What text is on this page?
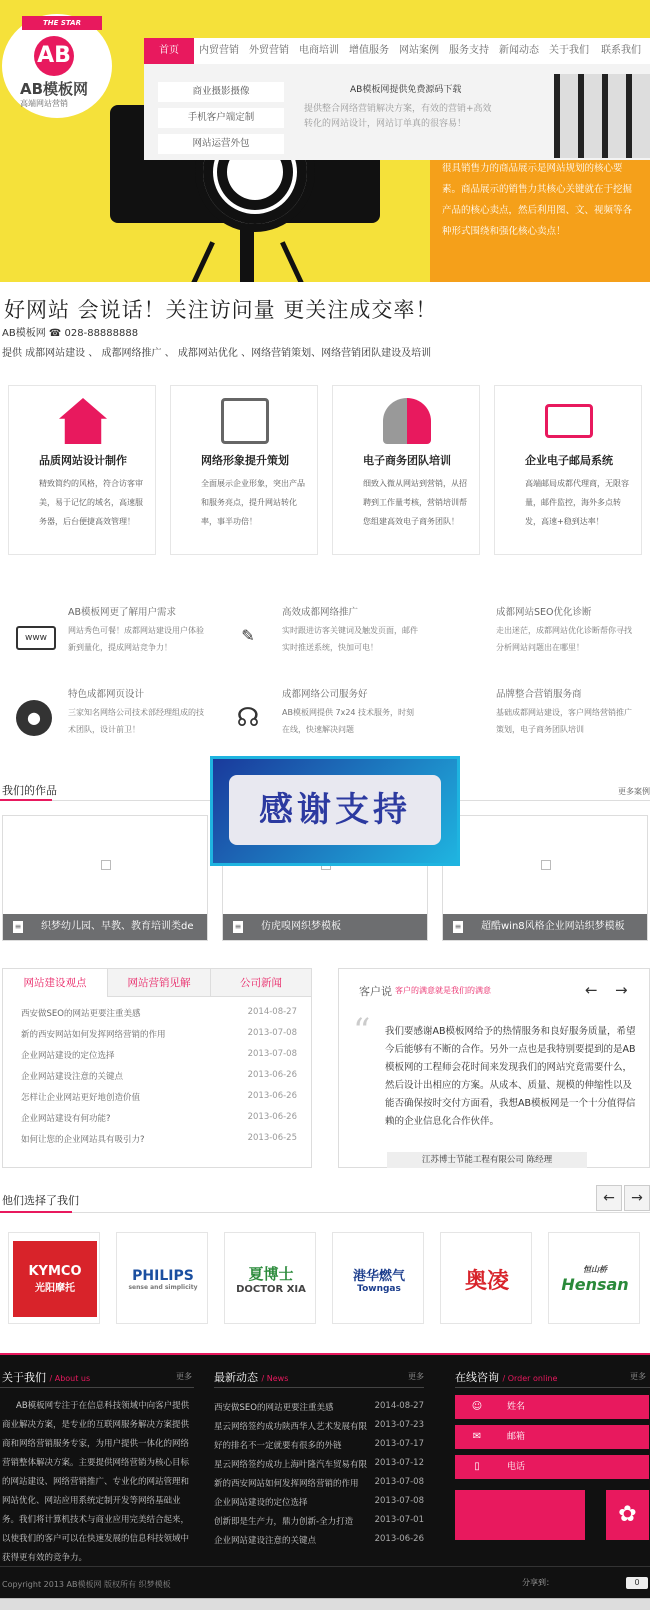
很具销售力的商品展示是网站规划的核心要素。商品展示的销售力其核心关键就在于挖掘产品的核心卖点，然后利用图、文、视频等各种形式围绕和强化核心卖点！
THE STAR
AB
AB模板网
高端网站营销
首页	内贸营销	外贸营销	电商培训	增值服务	网站案例	服务支持	新闻动态	关于我们	联系我们
商业摄影摄像
手机客户端定制
网站运营外包
AB模板网提供免费源码下载
提供整合网络营销解决方案，有效的营销+高效转化的网站设计，网站订单真的很容易！
好网站 会说话！关注访问量 更关注成交率！
AB模板网 ☎ 028-88888888
提供 成都网站建设 、 成都网络推广 、 成都网站优化 、网络营销策划、网络营销团队建设及培训
品质网站设计制作

精致简约的风格，符合访客审美，易于记忆的域名，高速服务器，后台便捷高效管理！

网络形象提升策划

全面展示企业形象，突出产品和服务亮点，提升网站转化率，事半功倍！

电子商务团队培训

细致入微从网站到营销，从招聘到工作量考核，营销培训帮您组建高效电子商务团队！

企业电子邮局系统

高端邮局成都代理商，无限容量，邮件监控，海外多点转发，高速+稳到达率！

www
AB模板网更了解用户需求

网站秀色可餐！成都网站建设用户体验新到量化，提成网站竞争力！

✎
高效成都网络推广

实时跟进访客关键词及触发页面，邮件实时推送系统，快加可电！

成都网站SEO优化诊断

走出迷茫，成都网站优化诊断帮你寻找分析网站问题出在哪里！

●
特色成都网页设计

三家知名网络公司技术部经理组成的技术团队，设计前卫！	☊
成都网络公司服务好

AB模板网提供 7x24 技术服务，时刻在线，快速解决问题

品牌整合营销服务商

基础成都网站建设，客户网络营销推广策划，电子商务团队培训

我们的作品	更多案例
织梦幼儿园、早教、教育培训类de
≡	仿虎嗅网织梦模板
≡	超酷win8风格企业网站织梦模板
≡
感谢支持
网站建设观点	网站营销见解	公司新闻
西安做SEO的网站更要注重美感	2014-08-27
新的西安网站如何发挥网络营销的作用	2013-07-08
企业网站建设的定位选择	2013-07-08
企业网站建设注意的关键点	2013-06-26
怎样让企业网站更好地创造价值	2013-06-26
企业网站建设有何功能?	2013-06-26
如何让您的企业网站具有吸引力?	2013-06-25
客户说 客户的满意就是我们的满意	← →
“ 我们要感谢AB模板网给予的热情服务和良好服务质量，希望今后能够有不断的合作。另外一点也是我特别要提到的是AB模板网的工程师会花时间来发现我们的网站究竟需要什么，然后设计出相应的方案。从成本、质量、规模的伸缩性以及能否确保按时交付方面看，我想AB模板网是一个十分值得信赖的企业信息化合作伙伴。
江苏博士节能工程有限公司 陈经理
他们选择了我们	←	→
KYMCO
光阳摩托
PHILIPS
sense and simplicity
夏博士
DOCTOR XIA
港华燃气
Towngas	奥凌	恒山桥
Hensan
关于我们 / About us	更多
AB模板网专注于在信息科技领域中向客户提供商业解决方案，是专业的互联网服务解决方案提供商和网络营销服务专家，为用户提供一体化的网络营销整体解决方案。主要提供网络营销为核心目标的网站建设、网络营销推广、专业化的网站管理和网站优化、网站应用系统定制开发等网络基础业务。我们将计算机技术与商业应用完美结合起来，以使我们的客户可以在快速发展的信息科技领域中获得更有效的竞争力。
最新动态 / News	更多
西安做SEO的网站更要注重美感	2014-08-27
星云网络签约成功陕西华人艺术发展有限 2013-07-23
好的排名不一定就要有很多的外链	2013-07-17
星云网络签约成功上海叶隆汽车贸易有限 2013-07-12
新的西安网站如何发挥网络营销的作用 2013-07-08
企业网站建设的定位选择	2013-07-08
创新即是生产力，鼎力创新-全力打造	2013-07-01
企业网站建设注意的关键点	2013-06-26
在线咨询 / Order online	更多
☺	姓名
✉	邮箱
▯	电话
✿
Copyright 2013 AB模板网 版权所有 织梦模板	分享到：	0
